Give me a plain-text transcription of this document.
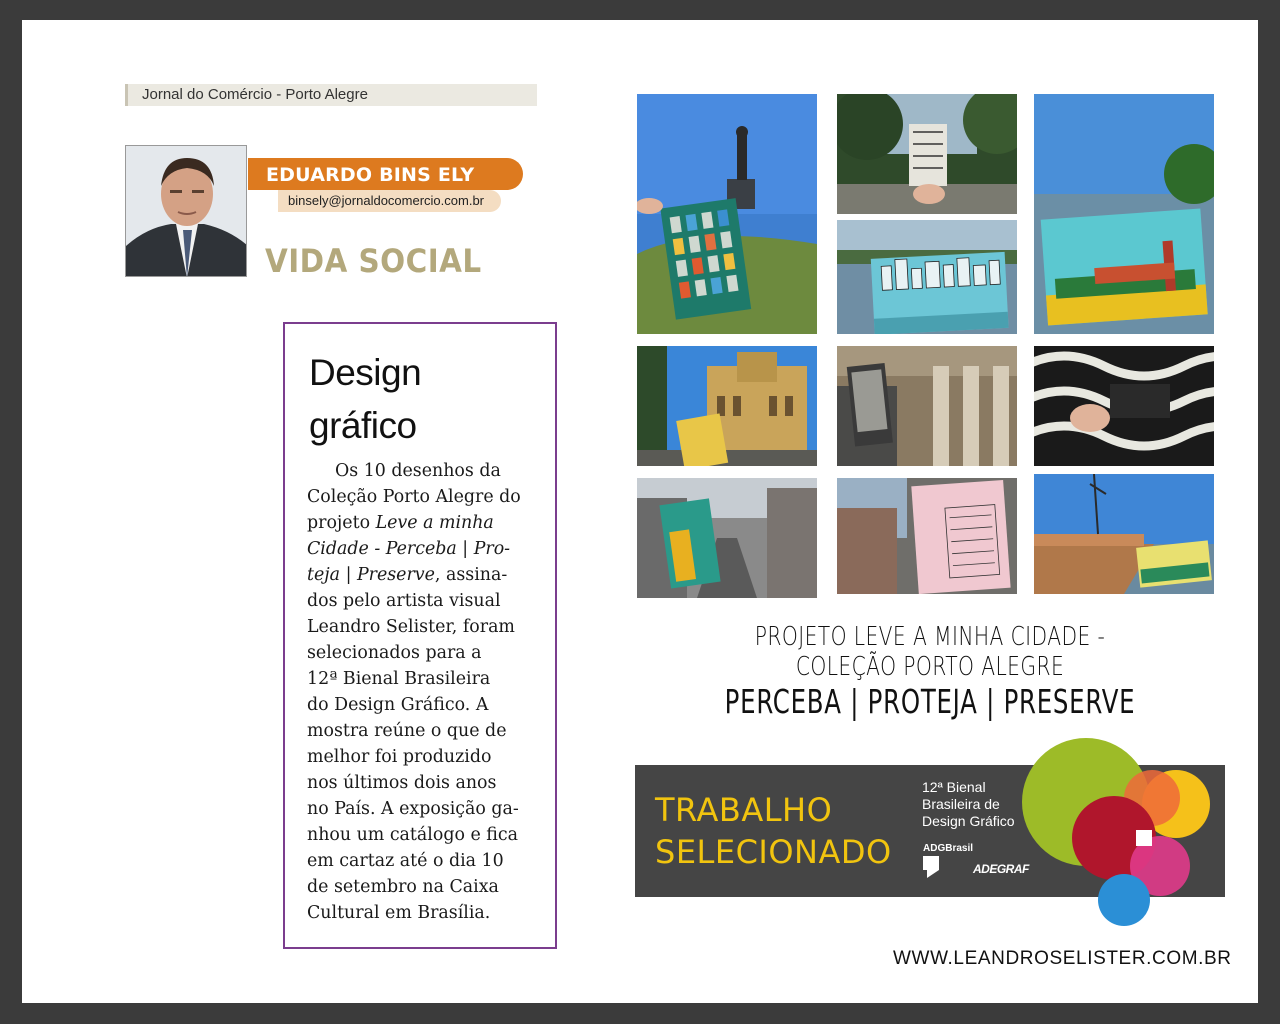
Jornal do Comércio - Porto Alegre
EDUARDO BINS ELY
binsely@jornaldocomercio.com.br
VIDA SOCIAL
Design
gráfico
Os 10 desenhos da
Coleção Porto Alegre do
projeto Leve a minha
Cidade - Perceba | Pro-
teja | Preserve, assina-
dos pelo artista visual
Leandro Selister, foram
selecionados para a
12ª Bienal Brasileira
do Design Gráfico. A
mostra reúne o que de
melhor foi produzido
nos últimos dois anos
no País. A exposição ga-
nhou um catálogo e fica
em cartaz até o dia 10
de setembro na Caixa
Cultural em Brasília.
PROJETO LEVE A MINHA CIDADE - COLEÇÃO PORTO ALEGRE
PERCEBA | PROTEJA | PRESERVE
TRABALHO
SELECIONADO
12ª Bienal
Brasileira de
Design Gráfico
ADGBrasil
ADEGRAF
WWW.LEANDROSELISTER.COM.BR
